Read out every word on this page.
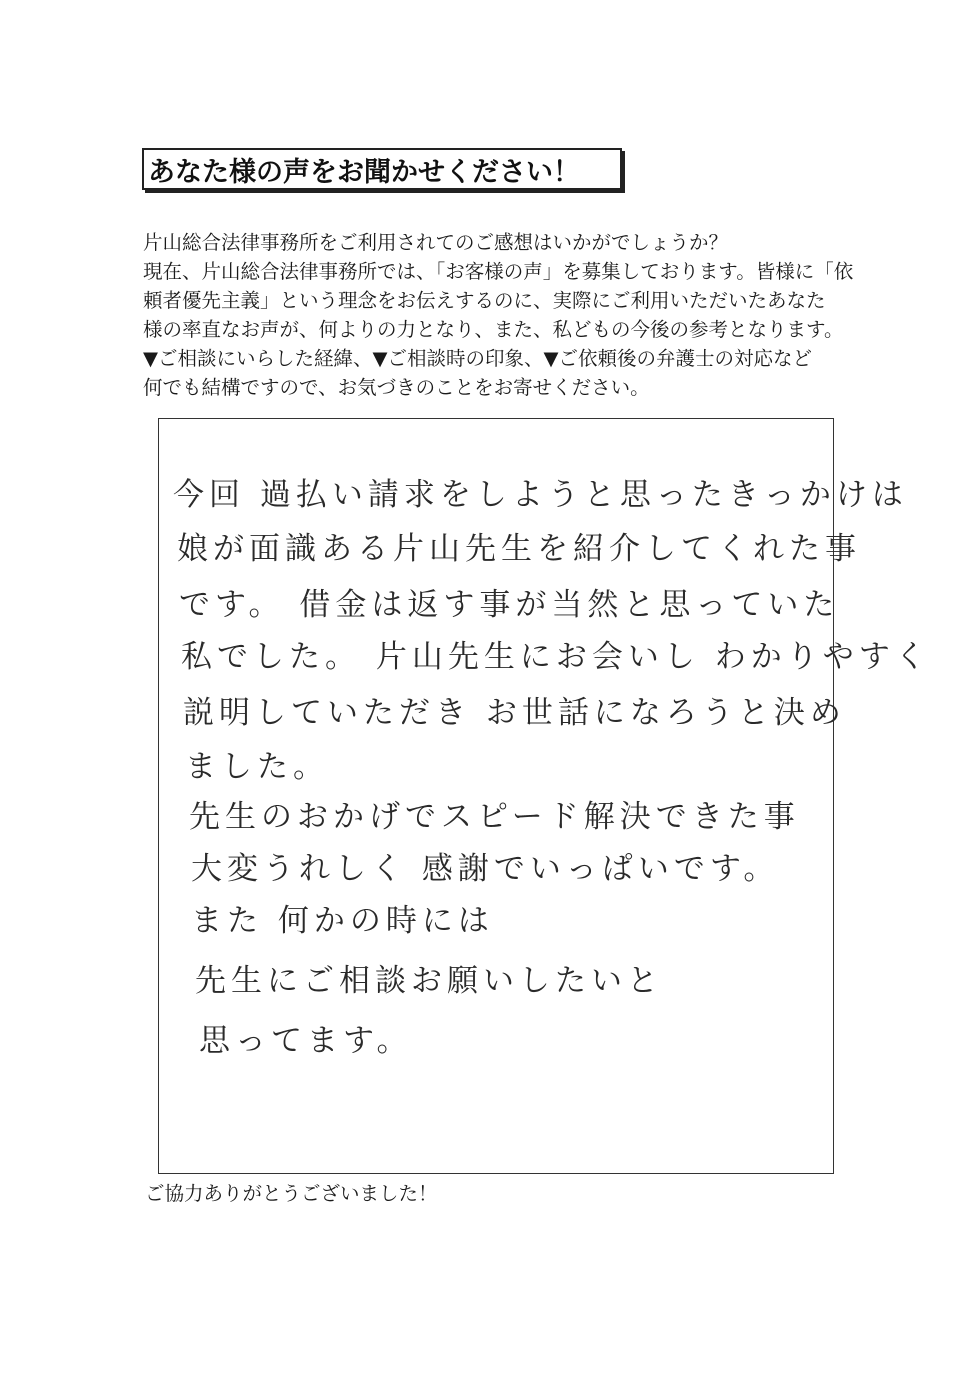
あなた様の声をお聞かせください！
片山総合法律事務所をご利用されてのご感想はいかがでしょうか？
現在、片山総合法律事務所では、「お客様の声」を募集しております。皆様に「依
頼者優先主義」という理念をお伝えするのに、実際にご利用いただいたあなた
様の率直なお声が、何よりの力となり、また、私どもの今後の参考となります。
▼ご相談にいらした経緯、▼ご相談時の印象、▼ご依頼後の弁護士の対応など
何でも結構ですので、お気づきのことをお寄せください。
今回 過払い請求をしようと思ったきっかけは
娘が面識ある片山先生を紹介してくれた事
です。 借金は返す事が当然と思っていた
私でした。 片山先生にお会いし わかりやすく
説明していただき お世話になろうと決め
ました。
先生のおかげでスピード解決できた事
大変うれしく 感謝でいっぱいです。
また 何かの時には
先生にご相談お願いしたいと
思ってます。
ご協力ありがとうございました！
